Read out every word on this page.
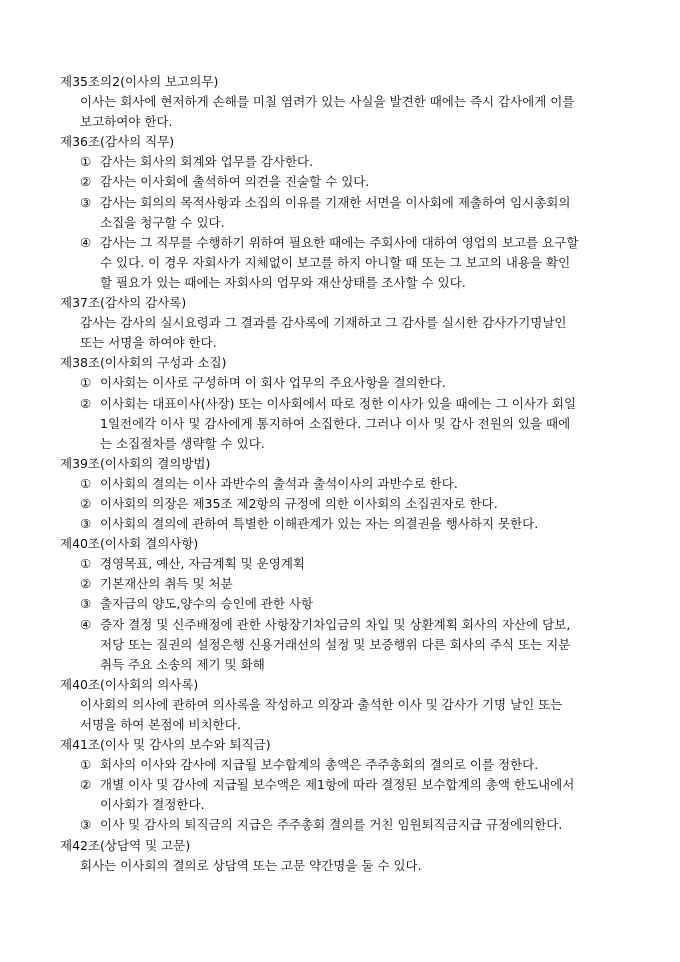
제35조의2(이사의 보고의무)
이사는 회사에 현저하게 손해를 미칠 염려가 있는 사실을 발견한 때에는 즉시 감사에게 이를
보고하여야 한다.
제36조(감사의 직무)
① 감사는 회사의 회계와 업무를 감사한다.
② 감사는 이사회에 출석하여 의견을 진술할 수 있다.
③ 감사는 회의의 목적사항과 소집의 이유를 기재한 서면을 이사회에 제출하여 임시총회의
소집을 청구할 수 있다.
④ 감사는 그 직무를 수행하기 위하여 필요한 때에는 주회사에 대하여 영업의 보고를 요구할
수 있다. 이 경우 자회사가 지체없이 보고를 하지 아니할 때 또는 그 보고의 내용을 확인
할 필요가 있는 때에는 자회사의 업무와 재산상태를 조사할 수 있다.
제37조(감사의 감사록)
감사는 감사의 실시요령과 그 결과를 감사록에 기재하고 그 감사를 실시한 감사가기명날인
또는 서명을 하여야 한다.
제38조(이사회의 구성과 소집)
① 이사회는 이사로 구성하며 이 회사 업무의 주요사항을 결의한다.
② 이사회는 대표이사(사장) 또는 이사회에서 따로 정한 이사가 있을 때에는 그 이사가 회일
1일전에각 이사 및 감사에게 통지하여 소집한다. 그러나 이사 및 감사 전원의 있을 때에
는 소집절차를 생략할 수 있다.
제39조(이사회의 결의방법)
① 이사회의 결의는 이사 과반수의 출석과 출석이사의 과반수로 한다.
② 이사회의 의장은 제35조 제2항의 규정에 의한 이사회의 소집권자로 한다.
③ 이사회의 결의에 관하여 특별한 이해관계가 있는 자는 의결권을 행사하지 못한다.
제40조(이사회 결의사항)
① 경영목표, 예산, 자금계획 및 운영계획
② 기본재산의 취득 및 처분
③ 출자금의 양도,양수의 승인에 관한 사항
④ 증자 결정 및 신주배정에 관한 사항장기차입금의 차입 및 상환계획 회사의 자산에 담보,
저당 또는 질권의 설정은행 신용거래선의 설정 및 보증행위 다른 회사의 주식 또는 지분
취득 주요 소송의 제기 및 화해
제40조(이사회의 의사록)
이사회의 의사에 관하여 의사록을 작성하고 의장과 출석한 이사 및 감사가 기명 날인 또는
서명을 하여 본점에 비치한다.
제41조(이사 및 감사의 보수와 퇴직금)
① 회사의 이사와 감사에 지급될 보수합계의 총액은 주주총회의 결의로 이를 정한다.
② 개별 이사 및 감사에 지급될 보수액은 제1항에 따라 결정된 보수합계의 총액 한도내에서
이사회가 결정한다.
③ 이사 및 감사의 퇴직금의 지급은 주주총회 결의를 거친 임원퇴직금지급 규정에의한다.
제42조(상담역 및 고문)
회사는 이사회의 결의로 상담역 또는 고문 약간명을 둘 수 있다.
